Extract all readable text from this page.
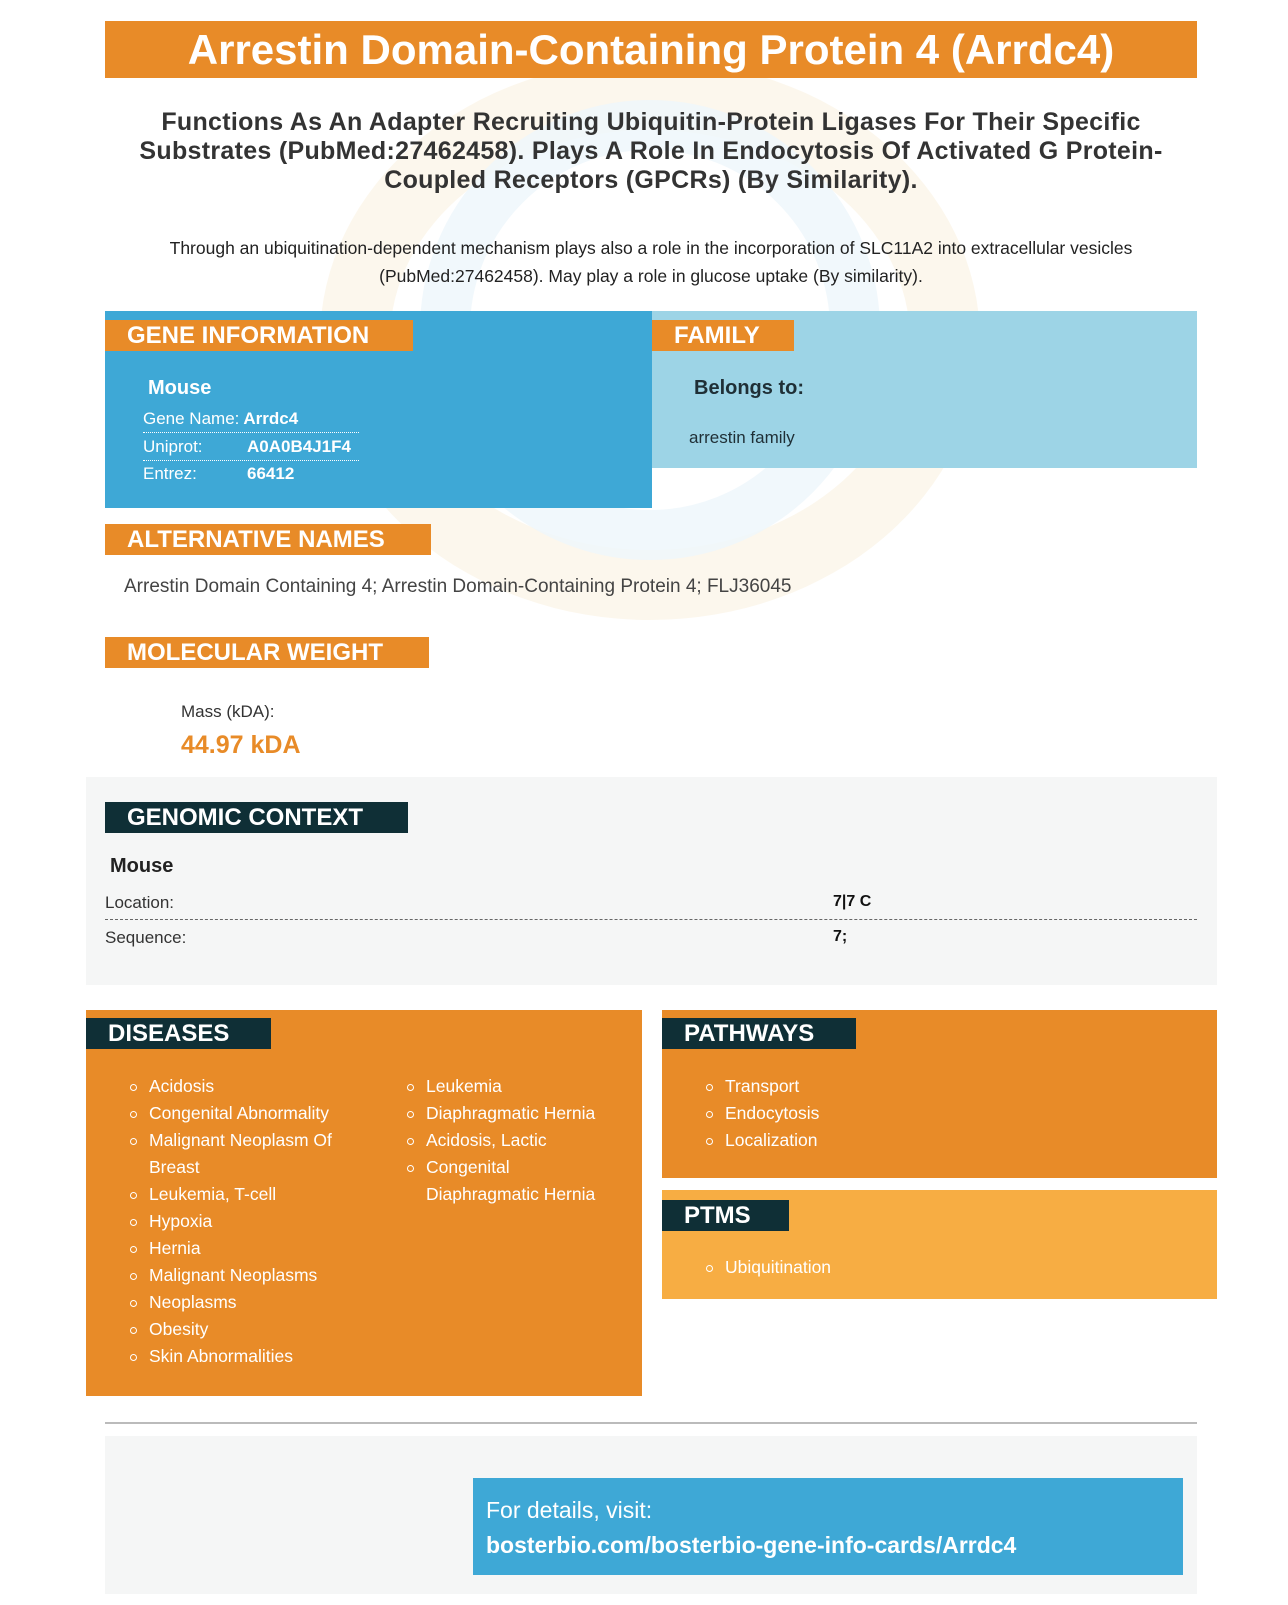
Arrestin Domain-Containing Protein 4 (Arrdc4)
Functions As An Adapter Recruiting Ubiquitin-Protein Ligases For Their Specific Substrates (PubMed:27462458). Plays A Role In Endocytosis Of Activated G Protein-Coupled Receptors (GPCRs) (By Similarity).
Through an ubiquitination-dependent mechanism plays also a role in the incorporation of SLC11A2 into extracellular vesicles (PubMed:27462458). May play a role in glucose uptake (By similarity).
GENE INFORMATION
Mouse
Gene Name: Arrdc4
Uniprot:	A0A0B4J1F4
Entrez:	66412
FAMILY
Belongs to:
arrestin family
ALTERNATIVE NAMES
Arrestin Domain Containing 4; Arrestin Domain-Containing Protein 4; FLJ36045
MOLECULAR WEIGHT
Mass (kDA):
44.97 kDA
GENOMIC CONTEXT
Mouse
Location:	7|7 C
Sequence:	7;
DISEASES
Acidosis
Congenital Abnormality
Malignant Neoplasm Of Breast
Leukemia, T-cell
Hypoxia
Hernia
Malignant Neoplasms
Neoplasms
Obesity
Skin Abnormalities
Leukemia
Diaphragmatic Hernia
Acidosis, Lactic
Congenital Diaphragmatic Hernia
PATHWAYS
Transport
Endocytosis
Localization
PTMS
Ubiquitination
For details, visit:
bosterbio.com/bosterbio-gene-info-cards/Arrdc4
